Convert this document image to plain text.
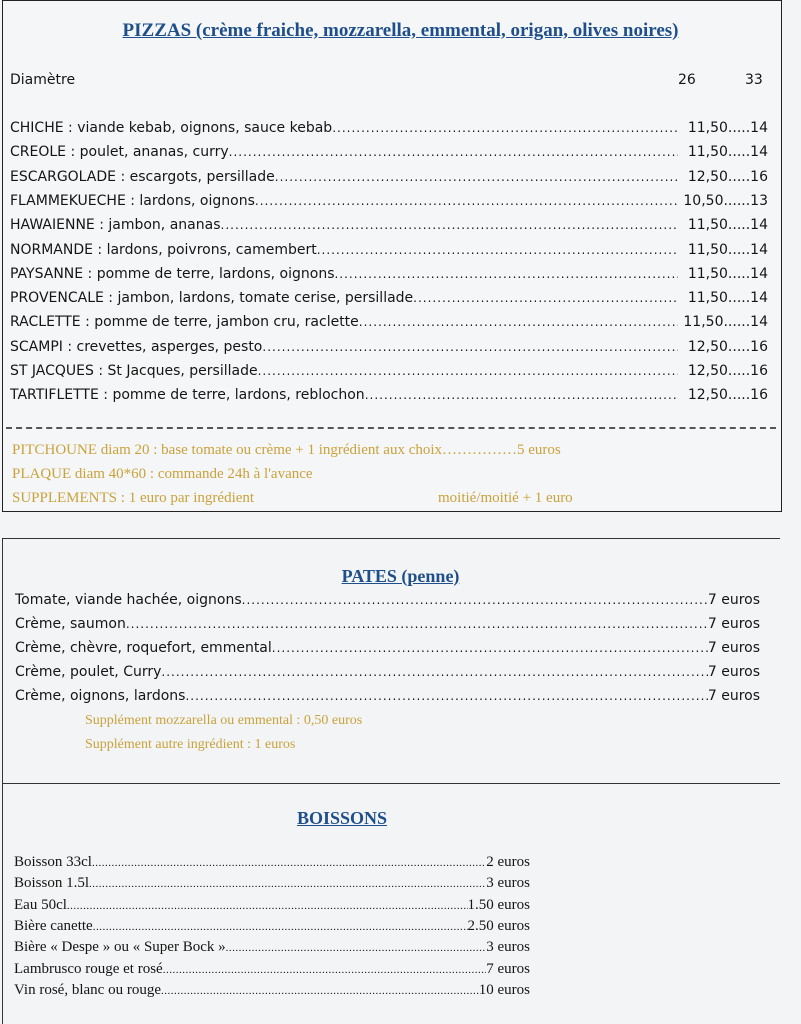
PIZZAS (crème fraiche, mozzarella, emmental, origan, olives noires)
Diamètre	26	33
CHICHE : viande kebab, oignons, sauce kebab .....	11,50.....14
CREOLE : poulet, ananas, curry .....	11,50.....14
ESCARGOLADE : escargots, persillade .....	12,50.....16
FLAMMEKUECHE : lardons, oignons .....	10,50......13
HAWAIENNE : jambon, ananas .....	11,50.....14
NORMANDE : lardons, poivrons, camembert .....	11,50.....14
PAYSANNE : pomme de terre, lardons, oignons .....	11,50.....14
PROVENCALE : jambon, lardons, tomate cerise, persillade .....	11,50.....14
RACLETTE : pomme de terre, jambon cru, raclette .....	11,50......14
SCAMPI : crevettes, asperges, pesto .....	12,50.....16
ST JACQUES : St Jacques, persillade .....	12,50.....16
TARTIFLETTE : pomme de terre, lardons, reblochon .....	12,50.....16
PITCHOUNE diam 20 : base tomate ou crème + 1 ingrédient aux choix……………5 euros
PLAQUE diam 40*60 : commande 24h à l'avance
SUPPLEMENTS : 1 euro par ingrédient	moitié/moitié + 1 euro
PATES (penne)
Tomate, viande hachée, oignons .....	7 euros
Crème, saumon .....	7 euros
Crème, chèvre, roquefort, emmental .....	7 euros
Crème, poulet, Curry .....	7 euros
Crème, oignons, lardons .....	7 euros
Supplément mozzarella ou emmental : 0,50 euros
Supplément autre ingrédient : 1 euros
BOISSONS
Boisson 33cl .....	2 euros
Boisson 1.5l .....	3 euros
Eau 50cl .....	1.50 euros
Bière canette .....	2.50 euros
Bière « Despe » ou « Super Bock » .....	3 euros
Lambrusco rouge et rosé .....	7 euros
Vin rosé, blanc ou rouge .....	10 euros
